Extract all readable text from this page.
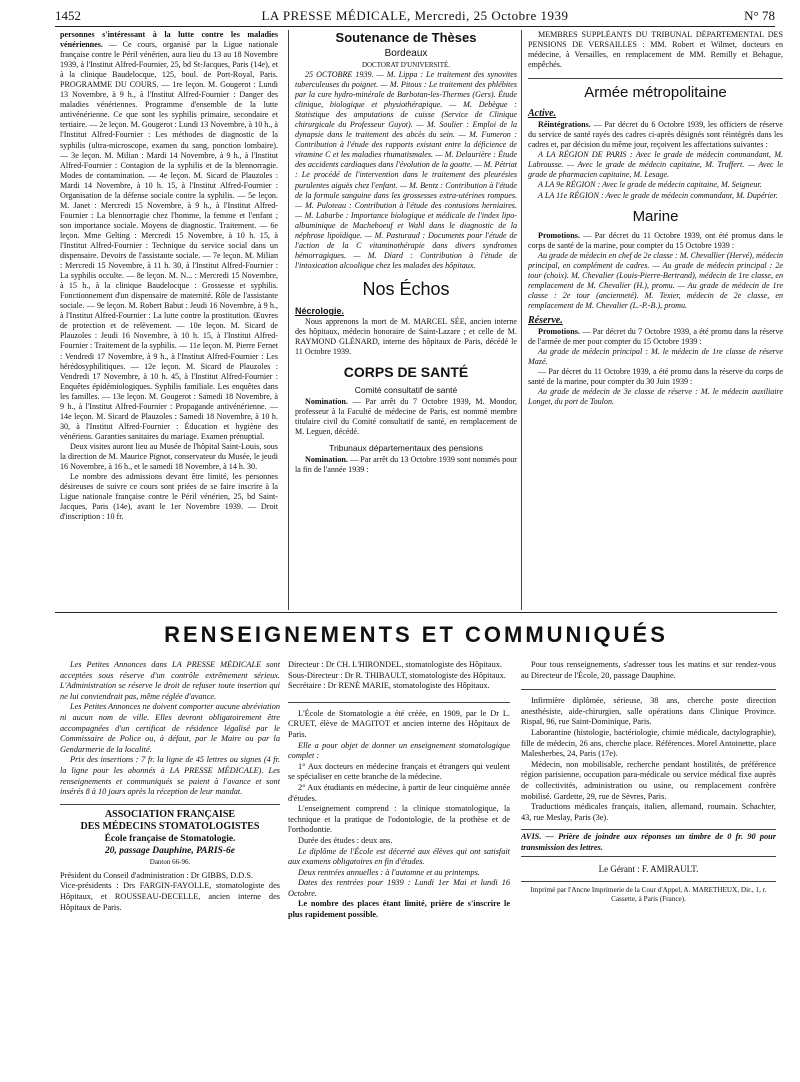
1452	LA PRESSE MÉDICALE, Mercredi, 25 Octobre 1939	N° 78

personnes s'intéressant à la lutte contre les maladies vénériennes. — Ce cours, organisé par la Ligue nationale française contre le Péril vénérien, aura lieu du 13 au 18 Novembre 1939, à l'Institut Alfred-Fournier, 25, bd St-Jacques, Paris (14e), et à la clinique Baudelocque, 125, boul. de Port-Royal, Paris. PROGRAMME DU COURS. — 1re leçon. M. Gougerot : Lundi 13 Novembre, à 9 h., à l'Institut Alfred-Fournier : Danger des maladies vénériennes. Programme d'ensemble de la lutte antivénérienne. Ce que sont les syphilis primaire, secondaire et tertiaire. — 2e leçon. M. Gougerot : Lundi 13 Novembre, à 10 h., à l'Institut Alfred-Fournier : Les méthodes de diagnostic de la syphilis (ultra-microscope, examen du sang, ponction lombaire). — 3e leçon. M. Milian : Mardi 14 Novembre, à 9 h., à l'Institut Alfred-Fournier : Contagion de la syphilis et de la blennorragie. Modes de contamination. — 4e leçon. M. Sicard de Plauzoles : Mardi 14 Novembre, à 10 h. 15, à l'Institut Alfred-Fournier : Organisation de la défense sociale contre la syphilis. — 5e leçon. M. Janet : Mercredi 15 Novembre, à 9 h., à l'Institut Alfred-Fournier : La blennorragie chez l'homme, la femme et l'enfant ; son importance sociale. Moyens de diagnostic. Traitement. — 6e leçon. Mme Gelting : Mercredi 15 Novembre, à 10 h. 15, à l'Institut Alfred-Fournier : Technique du service social dans un dispensaire. Devoirs de l'assistante sociale. — 7e leçon. M. Milian : Mercredi 15 Novembre, à 11 h. 30, à l'Institut Alfred-Fournier : La syphilis occulte. — 8e leçon. M. N... : Mercredi 15 Novembre, à 15 h., à la clinique Baudelocque : Grossesse et syphilis. Fonctionnement d'un dispensaire de maternité. Rôle de l'assistante sociale. — 9e leçon. M. Robert Babut : Jeudi 16 Novembre, à 9 h., à l'Institut Alfred-Fournier : La lutte contre la prostitution. Œuvres de protection et de relèvement. — 10e leçon. M. Sicard de Plauzoles : Jeudi 16 Novembre, à 10 h. 15, à l'Institut Alfred-Fournier : Traitement de la syphilis. — 11e leçon. M. Pierre Fernet : Vendredi 17 Novembre, à 9 h., à l'Institut Alfred-Fournier : Les hérédosyphilitiques. — 12e leçon. M. Sicard de Plauzoles : Vendredi 17 Novembre, à 10 h. 45, à l'Institut Alfred-Fournier : Enquêtes épidémiologiques. Syphilis familiale. Les enquêtes dans les familles. — 13e leçon. M. Gougerot : Samedi 18 Novembre, à 9 h., à l'Institut Alfred-Fournier : Propagande antivénérienne. — 14e leçon. M. Sicard de Plauzoles : Samedi 18 Novembre, à 10 h. 30, à l'Institut Alfred-Fournier : Éducation et hygiène des vénériens. Garanties sanitaires du mariage. Examen prénuptial.

Deux visites auront lieu au Musée de l'hôpital Saint-Louis, sous la direction de M. Maurice Pignot, conservateur du Musée, le jeudi 16 Novembre, à 16 h., et le samedi 18 Novembre, à 14 h. 30.

Le nombre des admissions devant être limité, les personnes désireuses de suivre ce cours sont priées de se faire inscrire à la Ligue nationale française contre le Péril vénérien, 25, bd Saint-Jacques, Paris (14e), avant le 1er Novembre 1939. — Droit d'inscription : 10 fr.

Soutenance de Thèses
Bordeaux
DOCTORAT D'UNIVERSITÉ.

25 OCTOBRE 1939. — M. Lippa : Le traitement des synovites tuberculeuses du poignet. — M. Pitous : Le traitement des phlébites par la cure hydro-minérale de Barbotan-les-Thermes (Gers). Étude clinique, biologique et physiothérapique. — M. Debègue : Statistique des amputations de cuisse (Service de Clinique chirurgicale du Professeur Guyot). — M. Soulier : Emploi de la dynapsie dans le traitement des abcès du sein. — M. Fumeron : Contribution à l'étude des rapports existant entre la déficience de vitamine C et les maladies rhumatismales. — M. Delaurière : Étude des accidents cardiaques dans l'évolution de la goutte. — M. Pétriat : Le procédé de l'intervention dans le traitement des pleurésies purulentes aiguës chez l'enfant. — M. Bentz : Contribution à l'étude de la formule sanguine dans les grossesses extra-utérines rompues. — M. Puloteau : Contribution à l'étude des contusions herniaires. — M. Labarbe : Importance biologique et médicale de l'index lipo-albuminique de Macheboeuf et Wahl dans le diagnostic de la néphrose lipoïdique. — M. Pasturaud : Documents pour l'étude de l'action de la C vitaminothérapie dans divers syndromes hémorragiques. — M. Diard : Contribution à l'étude de l'intoxication alcoolique chez les malades des hôpitaux.

Nos Échos
Nécrologie.

Nous apprenons la mort de M. MARCEL SÉE, ancien interne des hôpitaux, médecin honoraire de Saint-Lazare ; et celle de M. RAYMOND GLÉNARD, interne des hôpitaux de Paris, décédé le 11 Octobre 1939.

CORPS DE SANTÉ
Comité consultatif de santé

Nomination. — Par arrêt du 7 Octobre 1939, M. Mondor, professeur à la Faculté de médecine de Paris, est nommé membre titulaire civil du Comité consultatif de santé, en remplacement de M. Leguen, décédé.

Tribunaux départementaux des pensions

Nomination. — Par arrêt du 13 Octobre 1939 sont nommés pour la fin de l'année 1939 :

MEMBRES SUPPLÉANTS DU TRIBUNAL DÉPARTEMENTAL DES PENSIONS DE VERSAILLES : MM. Robert et Wilmet, docteurs en médecine, à Versailles, en remplacement de MM. Remilly et Behague, empêchés.

Armée métropolitaine
Active.

Réintégrations. — Par décret du 6 Octobre 1939, les officiers de réserve du service de santé rayés des cadres ci-après désignés sont réintégrés dans les cadres et, par décision du même jour, reçoivent les affectations suivantes :

A LA RÉGION DE PARIS : Avec le grade de médecin commandant, M. Labrousse. — Avec le grade de médecin capitaine, M. Truffert. — Avec le grade de pharmacien capitaine, M. Lesage.

A LA 9e RÉGION : Avec le grade de médecin capitaine, M. Seigneur.

A LA 11e RÉGION : Avec le grade de médecin commandant, M. Dupérier.

Marine

Promotions. — Par décret du 11 Octobre 1939, ont été promus dans le corps de santé de la marine, pour compter du 15 Octobre 1939 :

Au grade de médecin en chef de 2e classe : M. Chevallier (Hervé), médecin principal, en complément de cadres. — Au grade de médecin principal : 2e tour (choix). M. Chevalier (Louis-Pierre-Bertrand), médecin de 1re classe, en remplacement de M. Chevalier (H.), promu. — Au grade de médecin de 1re classe : 2e tour (ancienneté). M. Texier, médecin de 2e classe, en remplacement de M. Chevalier (L.-P.-B.), promu.

Réserve.

Promotions. — Par décret du 7 Octobre 1939, a été promu dans la réserve de l'armée de mer pour compter du 15 Octobre 1939 :

Au grade de médecin principal : M. le médecin de 1re classe de réserve Mazé.

— Par décret du 11 Octobre 1939, a été promu dans la réserve du corps de santé de la marine, pour compter du 30 Juin 1939 :

Au grade de médecin de 3e classe de réserve : M. le médecin auxiliaire Longet, du port de Toulon.

RENSEIGNEMENTS ET COMMUNIQUÉS

Les Petites Annonces dans LA PRESSE MÉDICALE sont acceptées sous réserve d'un contrôle extrêmement sérieux. L'Administration se réserve le droit de refuser toute insertion qui ne lui conviendrait pas, même réglée d'avance.

Les Petites Annonces ne doivent comporter aucune abréviation ni aucun nom de ville. Elles devront obligatoirement être accompagnées d'un certificat de résidence légalisé par le Commissaire de Police ou, à défaut, par le Maire ou par la Gendarmerie de la localité.

Prix des insertions : 7 fr. la ligne de 45 lettres ou signes (4 fr. la ligne pour les abonnés à LA PRESSE MÉDICALE). Les renseignements et communiqués se paient à l'avance et sont insérés 8 à 10 jours après la réception de leur mandat.

ASSOCIATION FRANÇAISE
DES MÉDECINS STOMATOLOGISTES
École française de Stomatologie.
20, passage Dauphine, PARIS-6e
Danton 66-96.

Président du Conseil d'administration : Dr GIBBS, D.D.S.

Vice-présidents : Drs FARGIN-FAYOLLE, stomatologiste des Hôpitaux, et ROUSSEAU-DECELLE, ancien interne des Hôpitaux de Paris.

Directeur : Dr CH. L'HIRONDEL, stomatologiste des Hôpitaux.

Sous-Directeur : Dr R. THIBAULT, stomatologiste des Hôpitaux.

Secrétaire : Dr RENÉ MARIE, stomatologiste des Hôpitaux.

L'École de Stomatologie a été créée, en 1909, par le Dr L. CRUET, élève de MAGITOT et ancien interne des Hôpitaux de Paris.

Elle a pour objet de donner un enseignement stomatologique complet :

1° Aux docteurs en médecine français et étrangers qui veulent se spécialiser en cette branche de la médecine.

2° Aux étudiants en médecine, à partir de leur cinquième année d'études.

L'enseignement comprend : la clinique stomatologique, la technique et la pratique de l'odontologie, de la prothèse et de l'orthodontie.

Durée des études : deux ans.

Le diplôme de l'École est décerné aux élèves qui ont satisfait aux examens obligatoires en fin d'études.

Deux rentrées annuelles : à l'automne et au printemps.

Dates des rentrées pour 1939 : Lundi 1er Mai et lundi 16 Octobre.

Le nombre des places étant limité, prière de s'inscrire le plus rapidement possible.

Pour tous renseignements, s'adresser tous les matins et sur rendez-vous au Directeur de l'École, 20, passage Dauphine.

Infirmière diplômée, sérieuse, 38 ans, cherche poste direction anesthésiste, aide-chirurgien, salle opérations dans Clinique Province. Rispal, 96, rue Saint-Dominique, Paris.

Laborantine (histologie, bactériologie, chimie médicale, dactylographie), fille de médecin, 26 ans, cherche place. Références. Morel Antoinette, place Malesherbes, 24, Paris (17e).

Médecin, non mobilisable, recherche pendant hostilités, de préférence région parisienne, occupation para-médicale ou service médical fixe auprès de collectivités, administration ou usine, ou remplacement confrère mobilisé. Gardette, 29, rue de Sèvres, Paris.

Traductions médicales français, italien, allemand, roumain. Schachter, 43, rue Meslay, Paris (3e).

AVIS. — Prière de joindre aux réponses un timbre de 0 fr. 90 pour transmission des lettres.

Le Gérant : F. AMIRAULT.
Imprimé par l'Ancne Imprimerie de la Cour d'Appel, A. MARETHEUX, Dir., 1, r. Cassette, à Paris (France).
